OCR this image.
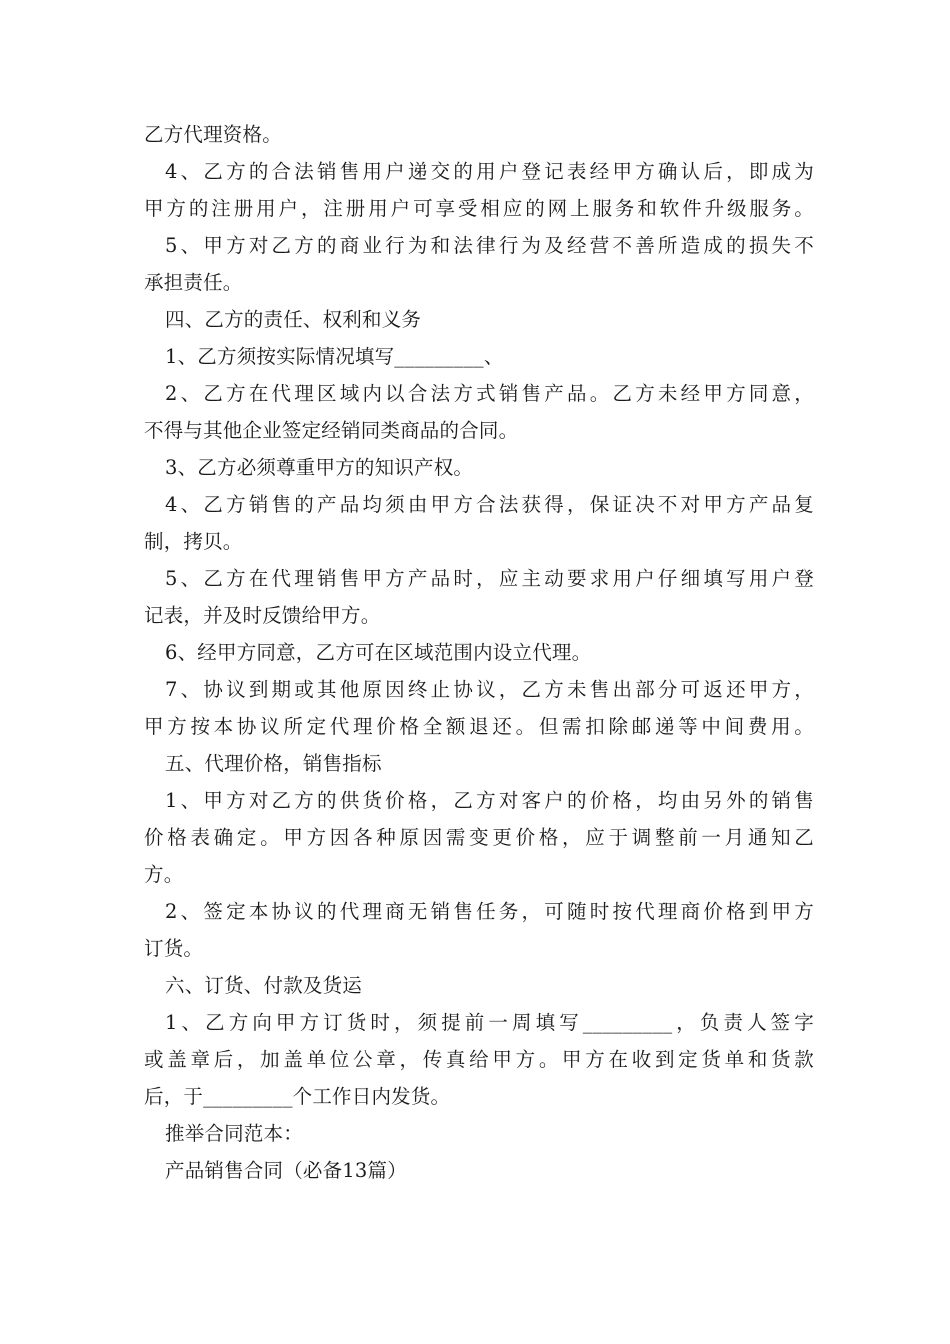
乙方代理资格。
4、乙方的合法销售用户递交的用户登记表经甲方确认后，即成为
甲方的注册用户，注册用户可享受相应的网上服务和软件升级服务。
5、甲方对乙方的商业行为和法律行为及经营不善所造成的损失不
承担责任。
四、乙方的责任、权利和义务
1、乙方须按实际情况填写_________、
2、乙方在代理区域内以合法方式销售产品。乙方未经甲方同意，
不得与其他企业签定经销同类商品的合同。
3、乙方必须尊重甲方的知识产权。
4、乙方销售的产品均须由甲方合法获得，保证决不对甲方产品复
制，拷贝。
5、乙方在代理销售甲方产品时，应主动要求用户仔细填写用户登
记表，并及时反馈给甲方。
6、经甲方同意，乙方可在区域范围内设立代理。
7、协议到期或其他原因终止协议，乙方未售出部分可返还甲方，
甲方按本协议所定代理价格全额退还。但需扣除邮递等中间费用。
五、代理价格，销售指标
1、甲方对乙方的供货价格，乙方对客户的价格，均由另外的销售
价格表确定。甲方因各种原因需变更价格，应于调整前一月通知乙
方。
2、签定本协议的代理商无销售任务，可随时按代理商价格到甲方
订货。
六、订货、付款及货运
1、乙方向甲方订货时，须提前一周填写_________，负责人签字
或盖章后，加盖单位公章，传真给甲方。甲方在收到定货单和货款
后，于_________个工作日内发货。
推举合同范本：
产品销售合同（必备13篇）
